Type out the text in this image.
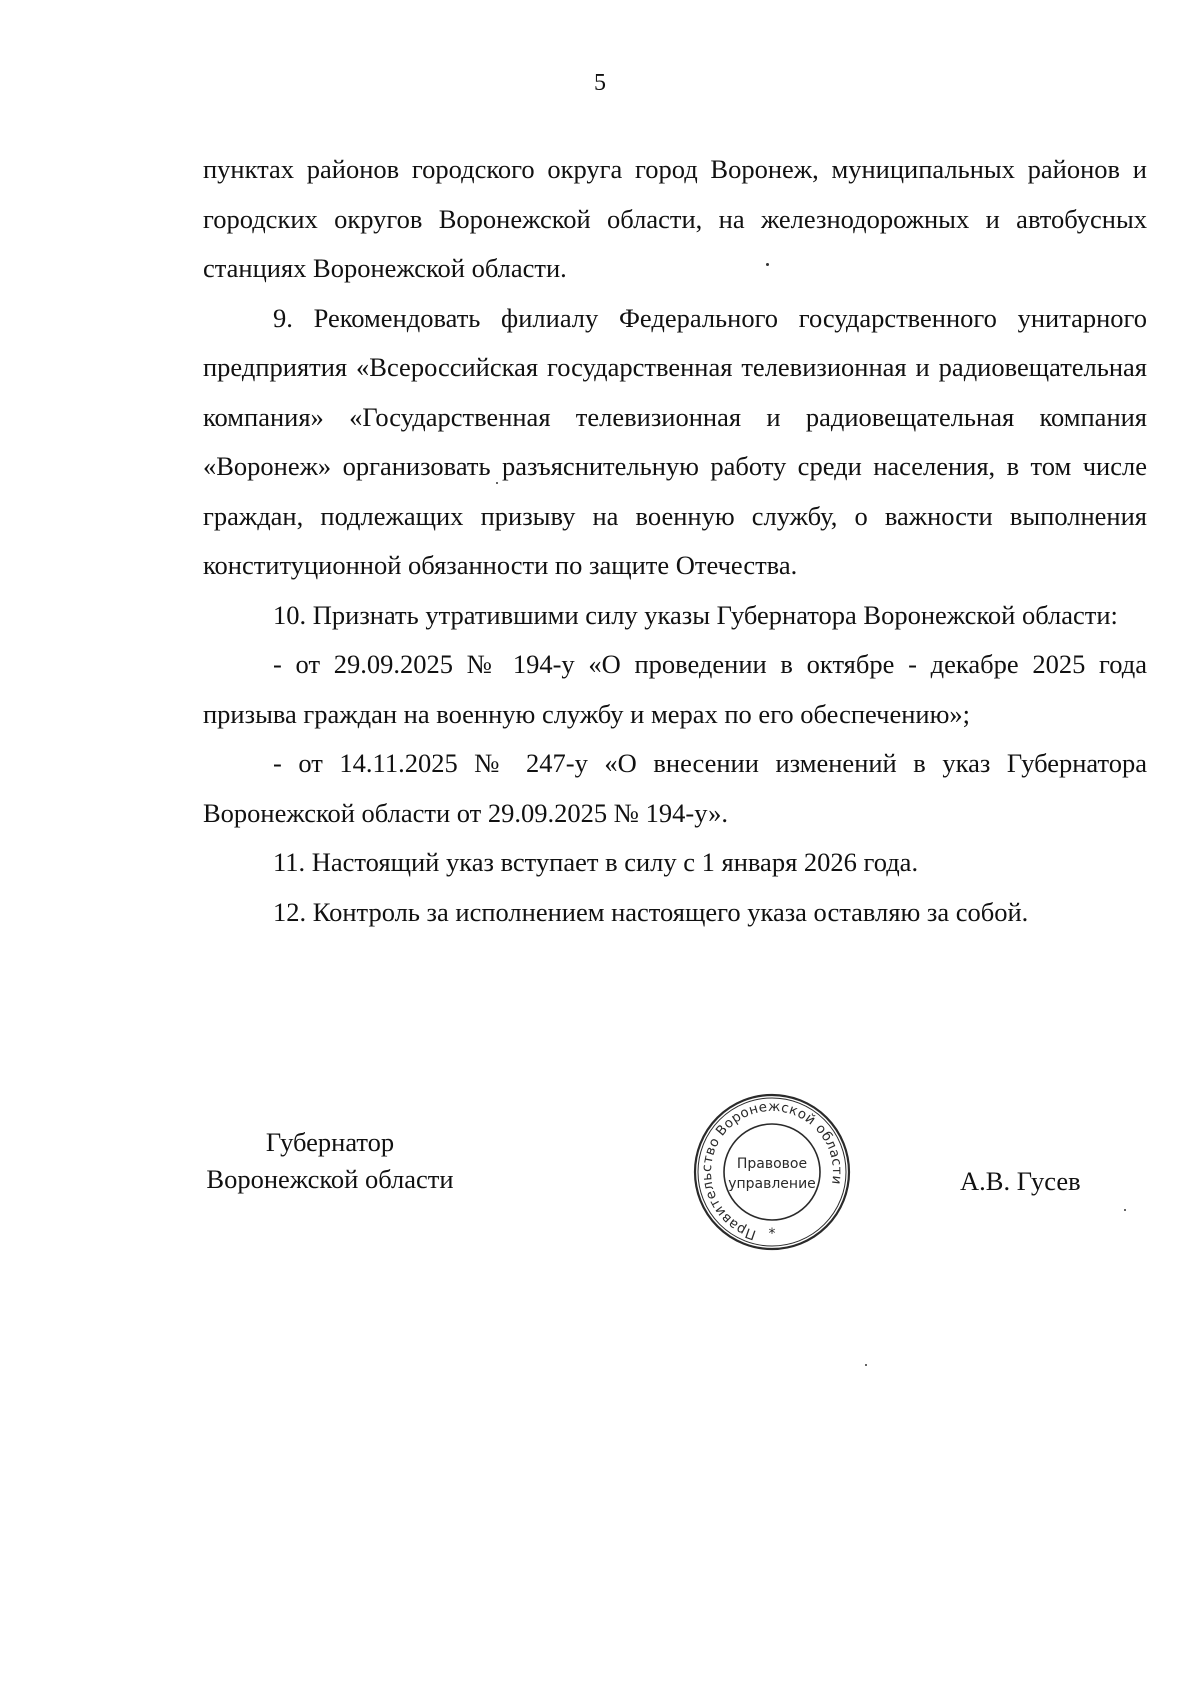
5

пунктах районов городского округа город Воронеж, муниципальных районов и городских округов Воронежской области, на железнодорожных и автобусных станциях Воронежской области.

9. Рекомендовать филиалу Федерального государственного унитарного предприятия «Всероссийская государственная телевизионная и радиовещательная компания» «Государственная телевизионная и радиовещательная компания «Воронеж» организовать разъяснительную работу среди населения, в том числе граждан, подлежащих призыву на военную службу, о важности выполнения конституционной обязанности по защите Отечества.

10. Признать утратившими силу указы Губернатора Воронежской области:

- от 29.09.2025 № 194-у «О проведении в октябре - декабре 2025 года призыва граждан на военную службу и мерах по его обеспечению»;

- от 14.11.2025 № 247-у «О внесении изменений в указ Губернатора Воронежской области от 29.09.2025 № 194-у».

11. Настоящий указ вступает в силу с 1 января 2026 года.

12. Контроль за исполнением настоящего указа оставляю за собой.

Губернатор
Воронежской области
Правительство Воронежской области
Правовое
управление
*
А.В. Гусев
